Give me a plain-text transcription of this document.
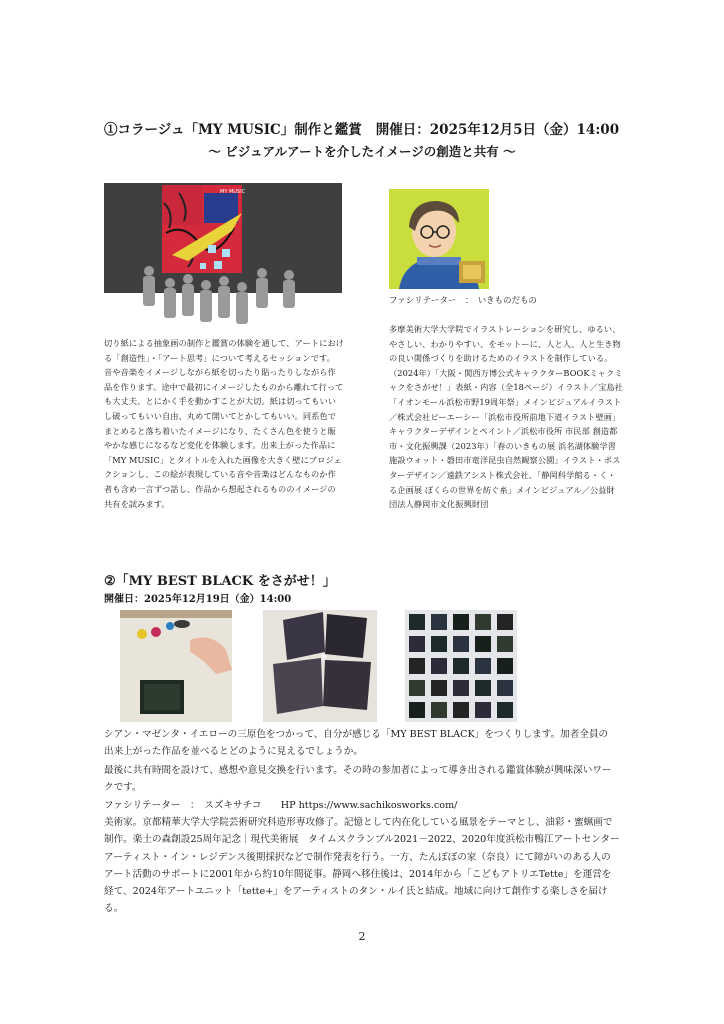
①コラージュ「MY MUSIC」制作と鑑賞 開催日：2025年12月5日（金）14:00
〜 ビジュアルアートを介したイメージの創造と共有 〜
MY MUSIC
ファシリテーター　：　いきものだもの

切り紙による抽象画の制作と鑑賞の体験を通して、アートにおける「創造性」・「アート思考」について考えるセッションです。

音や音楽をイメージしながら紙を切ったり貼ったりしながら作品を作ります。途中で最初にイメージしたものから離れて行っても大丈夫、とにかく手を動かすことが大切。紙は切ってもいいし破ってもいい自由、丸めて開いてとかしてもいい。同系色でまとめると落ち着いたイメージになり、たくさん色を使うと賑やかな感じになるなど変化を体験します。出来上がった作品に「MY MUSIC」とタイトルを入れた画像を大きく壁にプロジェクションし、この絵が表現している音や音楽はどんなものか作者も含め一言ずつ話し、作品から想起されるもののイメージの共有を試みます。

多摩美術大学大学院でイラストレーションを研究し、ゆるい、やさしい、わかりやすい、をモットーに、人と人、人と生き物の良い関係づくりを助けるためのイラストを制作している。

（2024年）「大阪・関西万博公式キャラクターBOOKミャクミャクをさがせ！」表紙・内容（全18ページ）イラスト／宝島社「イオンモール浜松市野19周年祭」メインビジュアルイラスト／株式会社ピーエーシー「浜松市役所前地下道イラスト壁画」キャラクターデザインとペイント／浜松市役所 市民部 創造都市・文化振興課（2023年）「春のいきもの展 浜名湖体験学習施設ウォット・磐田市竜洋昆虫自然観察公園」イラスト・ポスターデザイン／遠鉄アシスト株式会社、「静岡科学館る・く・る企画展 ぼくらの世界を紡ぐ糸」メインビジュアル／公益財団法人静岡市文化振興財団

②「MY BEST BLACK をさがせ！」
開催日：2025年12月19日（金）14:00
シアン・マゼンタ・イエローの三原色をつかって、自分が感じる「MY BEST BLACK」をつくりします。加者全員の出来上がった作品を並べるとどのように見えるでしょうか。
最後に共有時間を設けて、感想や意見交換を行います。その時の参加者によって導き出される鑑賞体験が興味深いワークです。
ファシリテーター　：　スズキサチコ　　HP https://www.sachikosworks.com/
美術家。京都精華大学大学院芸術研究科造形専攻修了。記憶として内在化している風景をテーマとし、油彩・蜜蝋画で制作。楽土の森創設25周年記念｜現代美術展　タイムスクランブル2021－2022、2020年度浜松市鴨江アートセンターアーティスト・イン・レジデンス後期採択などで制作発表を行う。一方、たんぽぽの家（奈良）にて障がいのある人のアート活動のサポートに2001年から約10年間従事。静岡へ移住後は、2014年から「こどもアトリエTette」を運営を経て、2024年アートユニット「tette+」をアーティストのタン・ルイ氏と結成。地域に向けて創作する楽しさを届ける。
2
